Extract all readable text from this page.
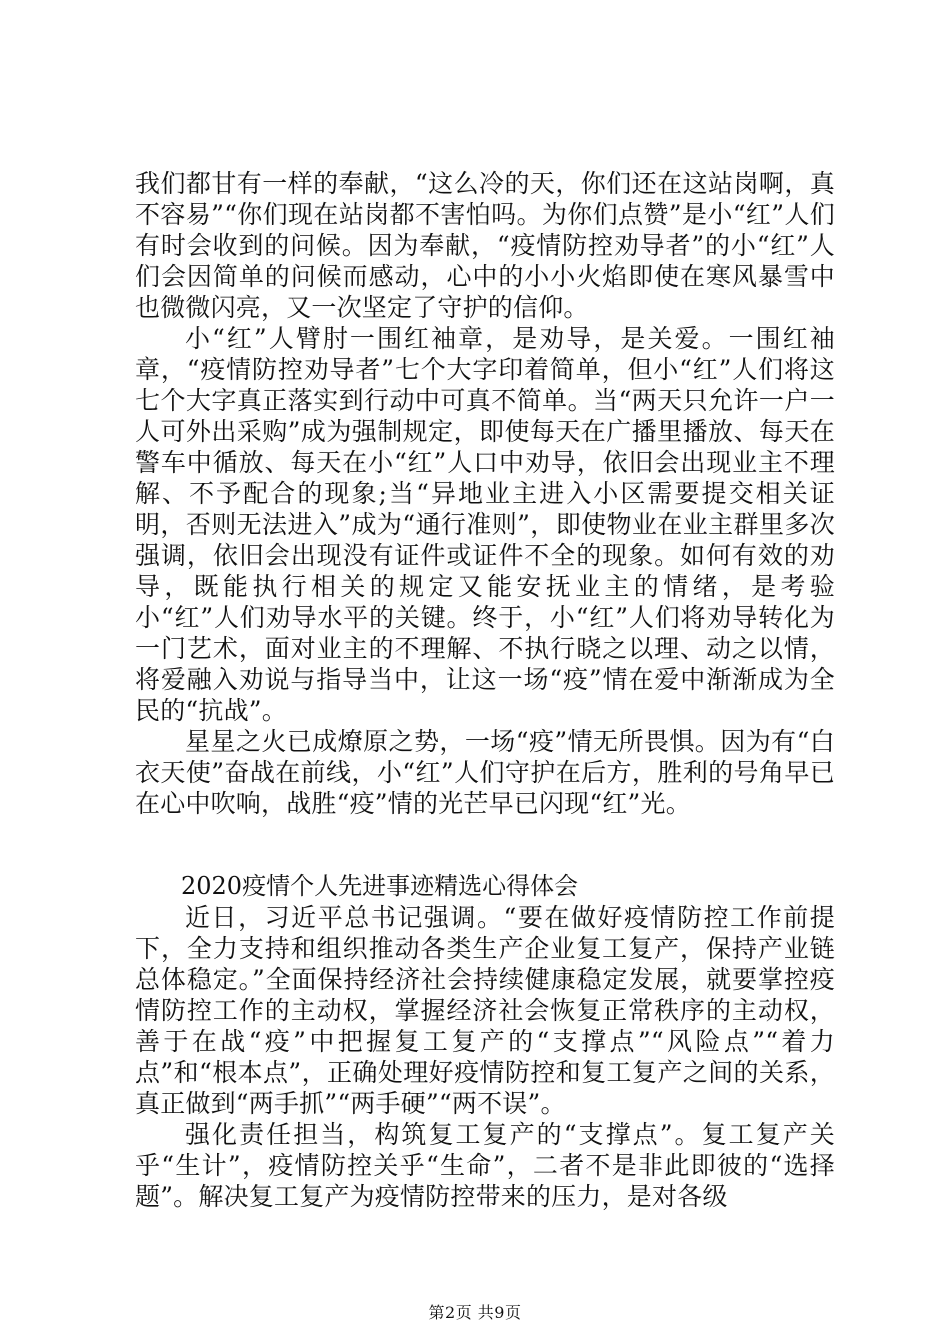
我们都甘有一样的奉献，“这么冷的天，你们还在这站岗啊，真不容易”“你们现在站岗都不害怕吗。为你们点赞”是小“红”人们有时会收到的问候。因为奉献，“疫情防控劝导者”的小“红”人们会因简单的问候而感动，心中的小小火焰即使在寒风暴雪中也微微闪亮，又一次坚定了守护的信仰。

小“红”人臂肘一围红袖章，是劝导，是关爱。一围红袖章，“疫情防控劝导者”七个大字印着简单，但小“红”人们将这七个大字真正落实到行动中可真不简单。当“两天只允许一户一人可外出采购”成为强制规定，即使每天在广播里播放、每天在警车中循放、每天在小“红”人口中劝导，依旧会出现业主不理解、不予配合的现象;当“异地业主进入小区需要提交相关证明，否则无法进入”成为“通行准则”，即使物业在业主群里多次强调，依旧会出现没有证件或证件不全的现象。如何有效的劝导，既能执行相关的规定又能安抚业主的情绪，是考验小“红”人们劝导水平的关键。终于，小“红”人们将劝导转化为一门艺术，面对业主的不理解、不执行晓之以理、动之以情，将爱融入劝说与指导当中，让这一场“疫”情在爱中渐渐成为全民的“抗战”。

星星之火已成燎原之势，一场“疫”情无所畏惧。因为有“白衣天使”奋战在前线，小“红”人们守护在后方，胜利的号角早已在心中吹响，战胜“疫”情的光芒早已闪现“红”光。

2020疫情个人先进事迹精选心得体会

近日，习近平总书记强调。“要在做好疫情防控工作前提下，全力支持和组织推动各类生产企业复工复产，保持产业链总体稳定。”全面保持经济社会持续健康稳定发展，就要掌控疫情防控工作的主动权，掌握经济社会恢复正常秩序的主动权，善于在战“疫”中把握复工复产的“支撑点”“风险点”“着力点”和“根本点”，正确处理好疫情防控和复工复产之间的关系，真正做到“两手抓”“两手硬”“两不误”。

强化责任担当，构筑复工复产的“支撑点”。复工复产关乎“生计”，疫情防控关乎“生命”，二者不是非此即彼的“选择题”。解决复工复产为疫情防控带来的压力，是对各级

第2页 共9页
